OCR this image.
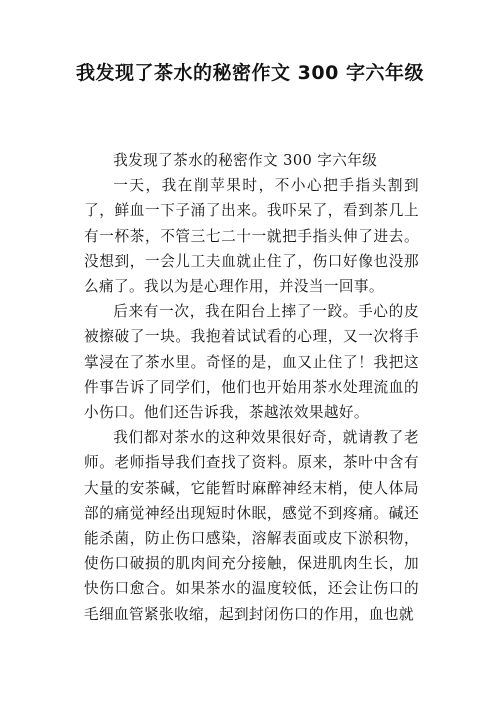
我发现了茶水的秘密作文 300 字六年级

我发现了茶水的秘密作文 300 字六年级

一天，我在削苹果时，不小心把手指头割到了，鲜血一下子涌了出来。我吓呆了，看到茶几上有一杯茶，不管三七二十一就把手指头伸了进去。没想到，一会儿工夫血就止住了，伤口好像也没那么痛了。我以为是心理作用，并没当一回事。

后来有一次，我在阳台上摔了一跤。手心的皮被擦破了一块。我抱着试试看的心理，又一次将手掌浸在了茶水里。奇怪的是，血又止住了！我把这件事告诉了同学们，他们也开始用茶水处理流血的小伤口。他们还告诉我，茶越浓效果越好。

我们都对茶水的这种效果很好奇，就请教了老师。老师指导我们查找了资料。原来，茶叶中含有大量的安茶碱，它能暂时麻醉神经末梢，使人体局部的痛觉神经出现短时休眠，感觉不到疼痛。碱还能杀菌，防止伤口感染，溶解表面或皮下淤积物，使伤口破损的肌肉间充分接触，保进肌肉生长，加快伤口愈合。如果茶水的温度较低，还会让伤口的毛细血管紧张收缩，起到封闭伤口的作用，血也就
